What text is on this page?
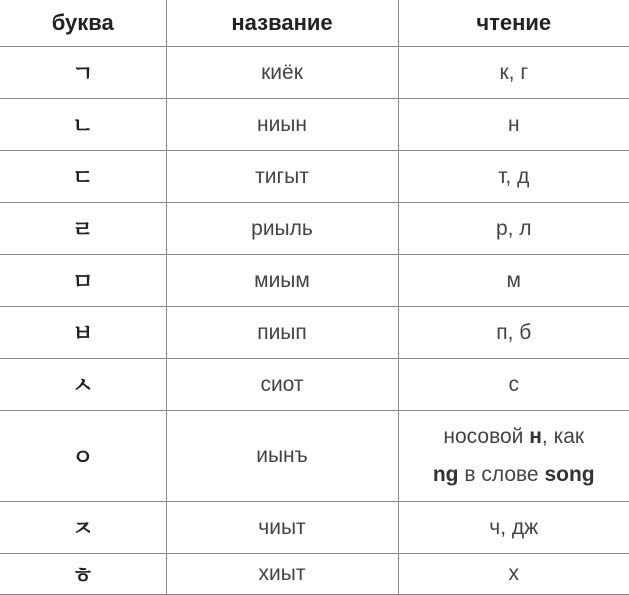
буква	название	чтение
ㄱ	киёк	к, г
ㄴ	ниын	н
ㄷ	тигыт	т, д
ㄹ	риыль	р, л
ㅁ	миым	м
ㅂ	пиып	п, б
ㅅ	сиот	с
ㅇ	иынъ	носовой н, как
ng в слове song

ㅈ	чиыт	ч, дж
ㅎ	хиыт	х
